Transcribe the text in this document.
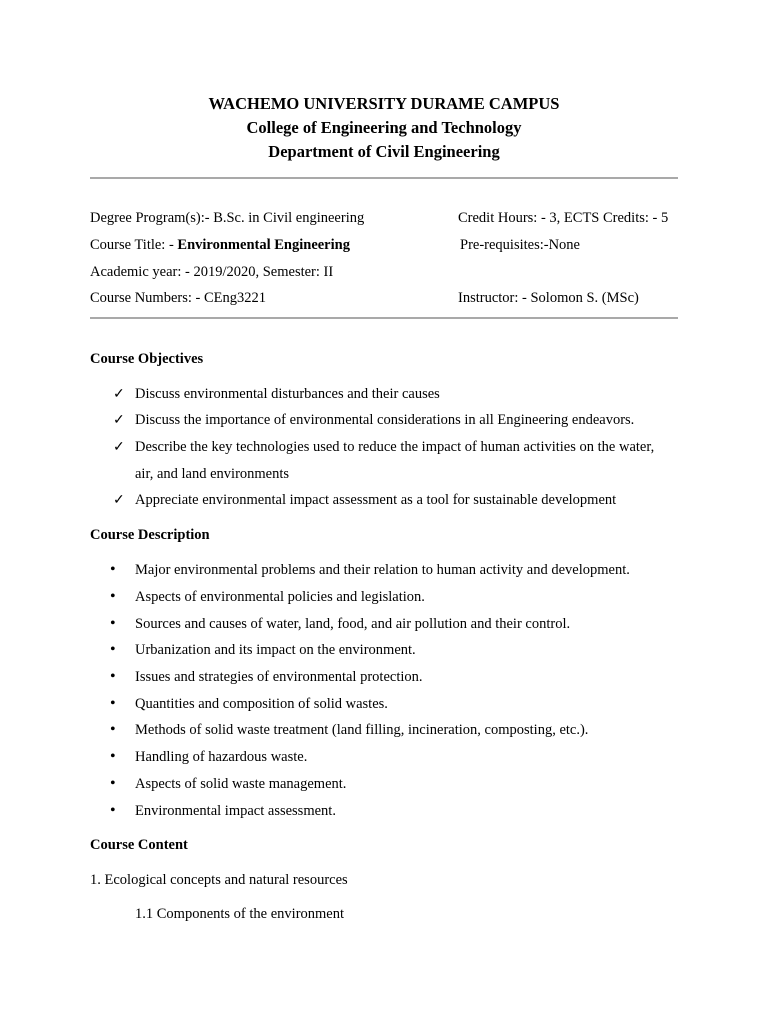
WACHEMO UNIVERSITY DURAME CAMPUS
College of Engineering and Technology
Department of Civil Engineering
Degree Program(s):- B.Sc. in Civil engineering	Credit Hours: - 3, ECTS Credits: - 5
Course Title: - Environmental Engineering	Pre-requisites:-None
Academic year: - 2019/2020, Semester: II
Course Numbers: - CEng3221	Instructor: - Solomon S. (MSc)
Course Objectives
✓ Discuss environmental disturbances and their causes
✓ Discuss the importance of environmental considerations in all Engineering endeavors.
✓ Describe the key technologies used to reduce the impact of human activities on the water,
air, and land environments
✓ Appreciate environmental impact assessment as a tool for sustainable development
Course Description
• Major environmental problems and their relation to human activity and development.
• Aspects of environmental policies and legislation.
• Sources and causes of water, land, food, and air pollution and their control.
• Urbanization and its impact on the environment.
• Issues and strategies of environmental protection.
• Quantities and composition of solid wastes.
• Methods of solid waste treatment (land filling, incineration, composting, etc.).
• Handling of hazardous waste.
• Aspects of solid waste management.
• Environmental impact assessment.
Course Content
1. Ecological concepts and natural resources
1.1 Components of the environment
